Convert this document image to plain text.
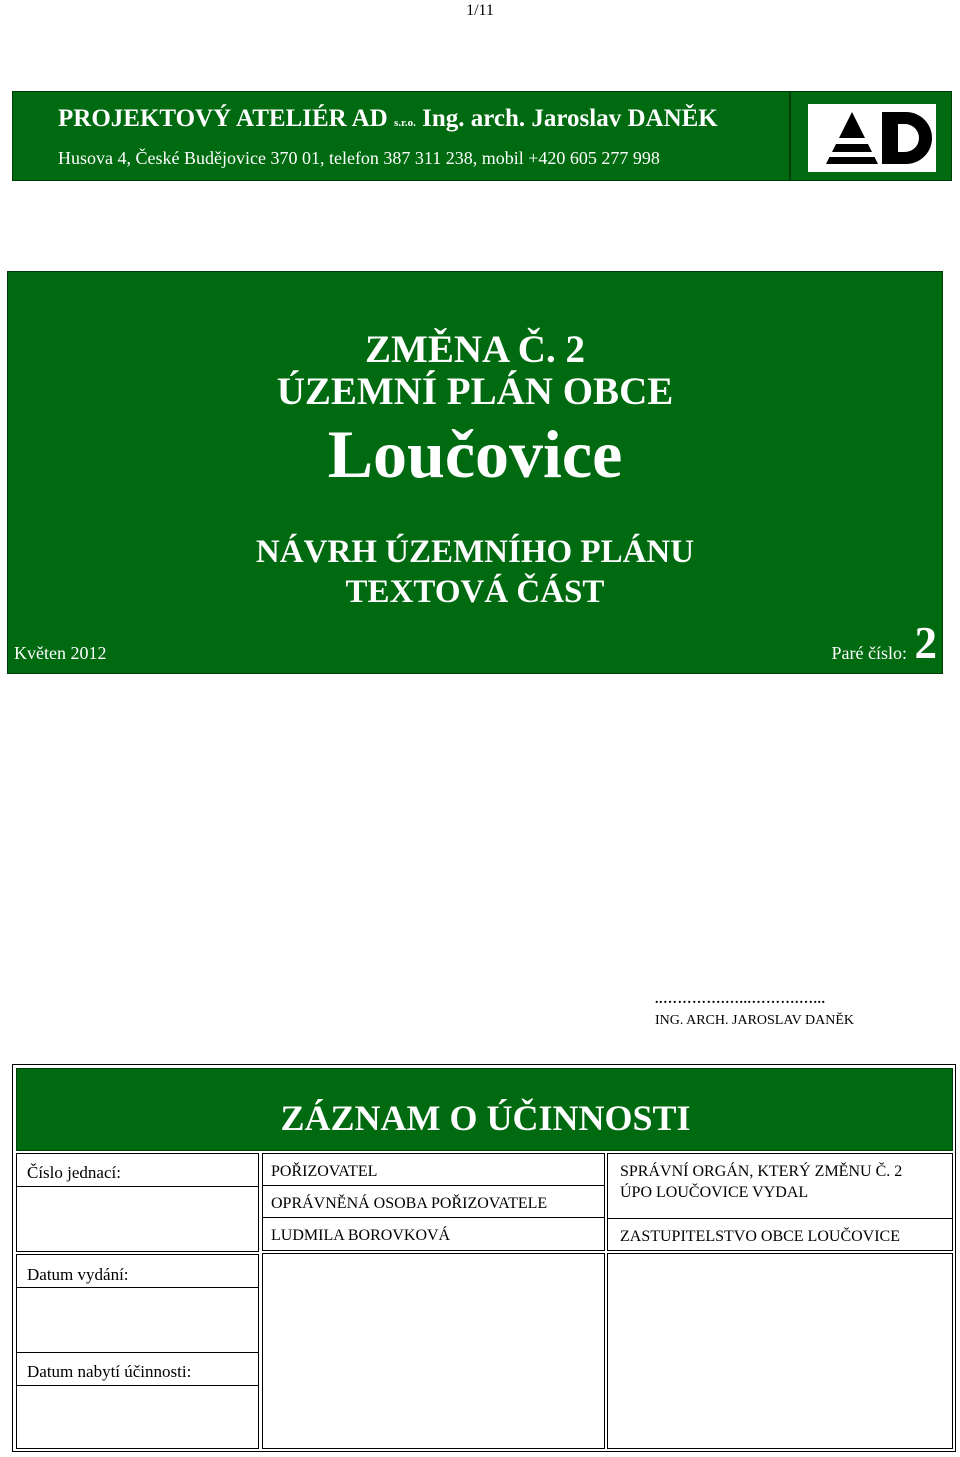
1/11
PROJEKTOVÝ ATELIÉR AD s.r.o. Ing. arch. Jaroslav DANĚK
Husova 4, České Budějovice 370 01, telefon 387 311 238, mobil +420 605 277 998
ZMĚNA Č. 2
ÚZEMNÍ PLÁN OBCE
Loučovice
NÁVRH ÚZEMNÍHO PLÁNU
TEXTOVÁ ČÁST
Květen 2012	Paré číslo: 2
..………….…...……….…...
ING. ARCH. JAROSLAV DANĚK
ZÁZNAM O ÚČINNOSTI
Číslo jednací:
Datum vydání:
Datum nabytí účinnosti:
POŘIZOVATEL
OPRÁVNĚNÁ OSOBA POŘIZOVATELE
LUDMILA BOROVKOVÁ
SPRÁVNÍ ORGÁN, KTERÝ ZMĚNU Č. 2
ÚPO LOUČOVICE VYDAL
ZASTUPITELSTVO OBCE LOUČOVICE
